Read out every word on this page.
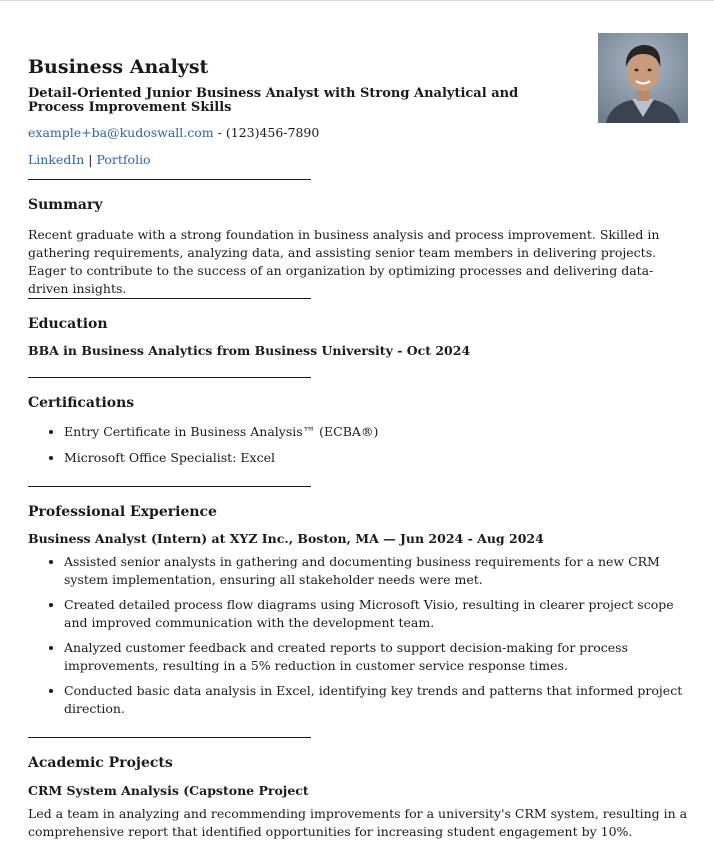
Business Analyst

Detail-Oriented Junior Business Analyst with Strong Analytical and Process Improvement Skills

example+ba@kudoswall.com - (123)456-7890
LinkedIn | Portfolio
Summary

Recent graduate with a strong foundation in business analysis and process improvement. Skilled in gathering requirements, analyzing data, and assisting senior team members in delivering projects. Eager to contribute to the success of an organization by optimizing processes and delivering data-driven insights.

Education
BBA in Business Analytics from Business University - Oct 2024
Certifications
• Entry Certificate in Business Analysis™ (ECBA®)
• Microsoft Office Specialist: Excel
Professional Experience
Business Analyst (Intern) at XYZ Inc., Boston, MA — Jun 2024 - Aug 2024
• Assisted senior analysts in gathering and documenting business requirements for a new CRM system implementation, ensuring all stakeholder needs were met.
• Created detailed process flow diagrams using Microsoft Visio, resulting in clearer project scope and improved communication with the development team.
• Analyzed customer feedback and created reports to support decision-making for process improvements, resulting in a 5% reduction in customer service response times.
• Conducted basic data analysis in Excel, identifying key trends and patterns that informed project direction.
Academic Projects
CRM System Analysis (Capstone Project

Led a team in analyzing and recommending improvements for a university's CRM system, resulting in a comprehensive report that identified opportunities for increasing student engagement by 10%.
